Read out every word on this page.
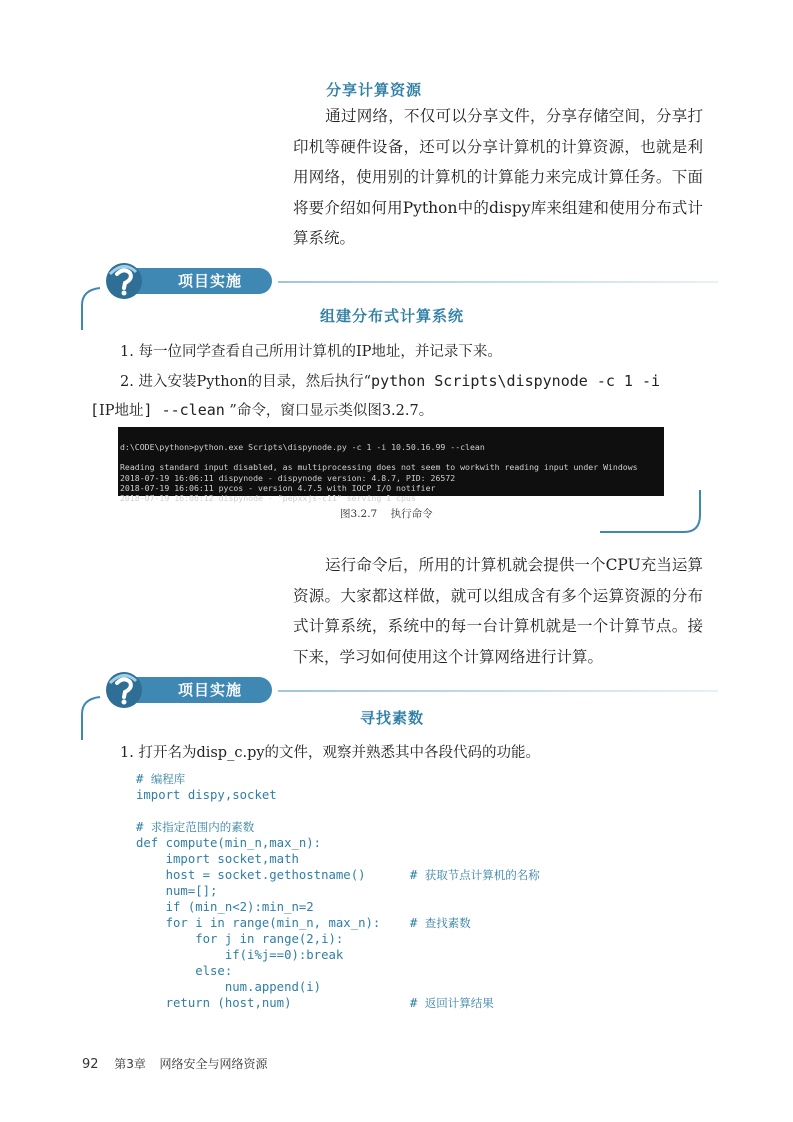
分享计算资源

通过网络，不仅可以分享文件，分享存储空间，分享打印机等硬件设备，还可以分享计算机的计算资源，也就是利用网络，使用别的计算机的计算能力来完成计算任务。下面将要介绍如何用Python中的dispy库来组建和使用分布式计算系统。

项目实施
组建分布式计算系统

1. 每一位同学查看自己所用计算机的IP地址，并记录下来。

2. 进入安装Python的目录，然后执行“python Scripts\dispynode -c 1 -i
[IP地址] --clean ”命令，窗口显示类似图3.2.7。

d:\CODE\python>python.exe Scripts\dispynode.py -c 1 -i 10.50.16.99 --clean
Reading standard input disabled, as multiprocessing does not seem to workwith reading input under Windows
2018-07-19 16:06:11 dispynode - dispynode version: 4.8.7, PID: 26572
2018-07-19 16:06:11 pycos - version 4.7.5 with IOCP I/O notifier
2018-07-19 16:06:12 dispynode - "pepxxjs-c11" serving 1 cpus

图3.2.7    执行命令

运行命令后，所用的计算机就会提供一个CPU充当运算资源。大家都这样做，就可以组成含有多个运算资源的分布式计算系统，系统中的每一台计算机就是一个计算节点。接下来，学习如何使用这个计算网络进行计算。

项目实施
寻找素数

1. 打开名为disp_c.py的文件，观察并熟悉其中各段代码的功能。

# 编程库
import dispy,socket
# 求指定范围内的素数
def compute(min_n,max_n):
import socket,math
host = socket.gethostname()      # 获取节点计算机的名称
num=[];
if (min_n<2):min_n=2
for i in range(min_n, max_n):    # 查找素数
for j in range(2,i):
if(i%j==0):break
else:
num.append(i)
return (host,num)                # 返回计算结果
92 第3章 网络安全与网络资源
